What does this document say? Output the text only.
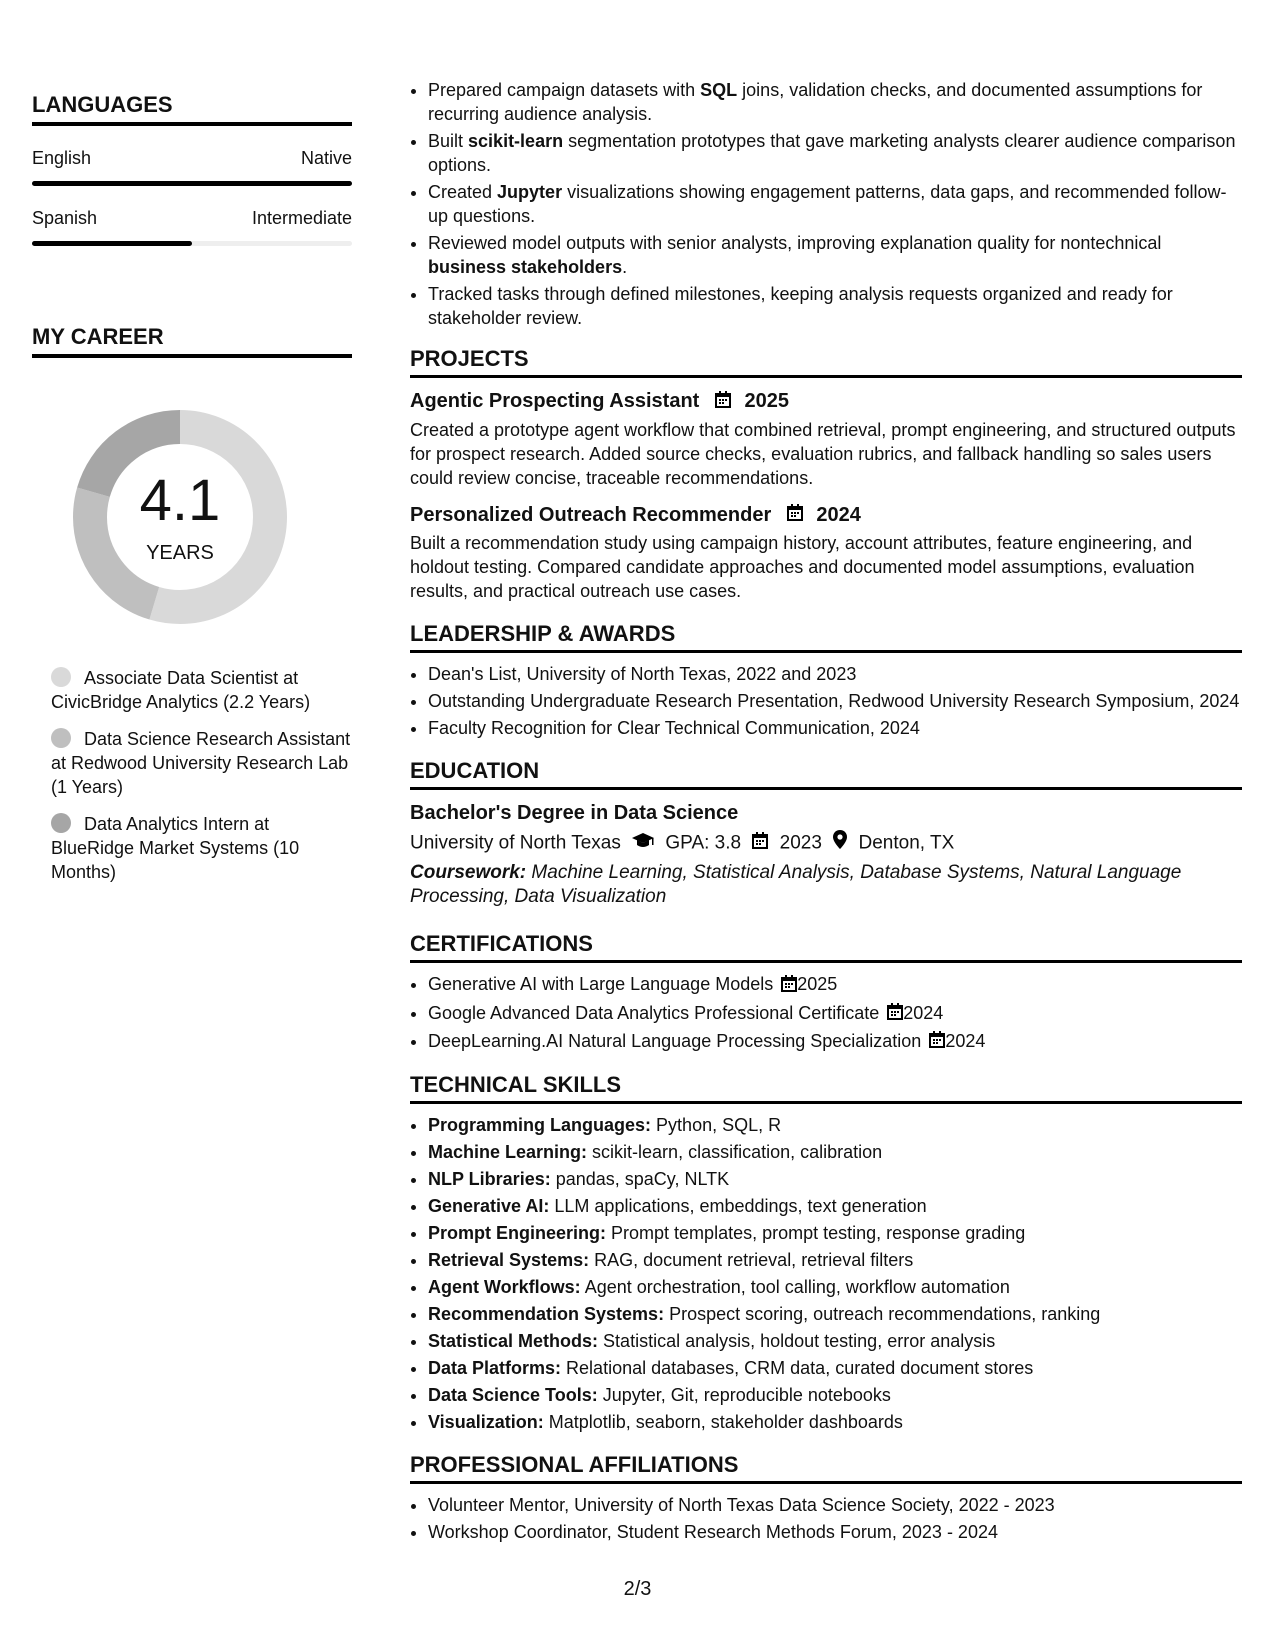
LANGUAGES
English	Native
Spanish	Intermediate
MY CAREER
4.1
YEARS
Associate Data Scientist at CivicBridge Analytics (2.2 Years)
Data Science Research Assistant at Redwood University Research Lab (1 Years)
Data Analytics Intern at BlueRidge Market Systems (10 Months)
• Prepared campaign datasets with SQL joins, validation checks, and documented assumptions for recurring audience analysis.
• Built scikit-learn segmentation prototypes that gave marketing analysts clearer audience comparison options.
• Created Jupyter visualizations showing engagement patterns, data gaps, and recommended follow-up questions.
• Reviewed model outputs with senior analysts, improving explanation quality for nontechnical business stakeholders.
• Tracked tasks through defined milestones, keeping analysis requests organized and ready for stakeholder review.
PROJECTS
Agentic Prospecting Assistant 2025
Created a prototype agent workflow that combined retrieval, prompt engineering, and structured outputs for prospect research. Added source checks, evaluation rubrics, and fallback handling so sales users could review concise, traceable recommendations.
Personalized Outreach Recommender 2024
Built a recommendation study using campaign history, account attributes, feature engineering, and holdout testing. Compared candidate approaches and documented model assumptions, evaluation results, and practical outreach use cases.
LEADERSHIP & AWARDS
• Dean's List, University of North Texas, 2022 and 2023
• Outstanding Undergraduate Research Presentation, Redwood University Research Symposium, 2024
• Faculty Recognition for Clear Technical Communication, 2024
EDUCATION
Bachelor's Degree in Data Science
University of North Texas GPA: 3.8 2023 Denton, TX
Coursework: Machine Learning, Statistical Analysis, Database Systems, Natural Language Processing, Data Visualization
CERTIFICATIONS
• Generative AI with Large Language Models 2025
• Google Advanced Data Analytics Professional Certificate 2024
• DeepLearning.AI Natural Language Processing Specialization 2024
TECHNICAL SKILLS
• Programming Languages: Python, SQL, R
• Machine Learning: scikit-learn, classification, calibration
• NLP Libraries: pandas, spaCy, NLTK
• Generative AI: LLM applications, embeddings, text generation
• Prompt Engineering: Prompt templates, prompt testing, response grading
• Retrieval Systems: RAG, document retrieval, retrieval filters
• Agent Workflows: Agent orchestration, tool calling, workflow automation
• Recommendation Systems: Prospect scoring, outreach recommendations, ranking
• Statistical Methods: Statistical analysis, holdout testing, error analysis
• Data Platforms: Relational databases, CRM data, curated document stores
• Data Science Tools: Jupyter, Git, reproducible notebooks
• Visualization: Matplotlib, seaborn, stakeholder dashboards
PROFESSIONAL AFFILIATIONS
• Volunteer Mentor, University of North Texas Data Science Society, 2022 - 2023
• Workshop Coordinator, Student Research Methods Forum, 2023 - 2024
2/3
